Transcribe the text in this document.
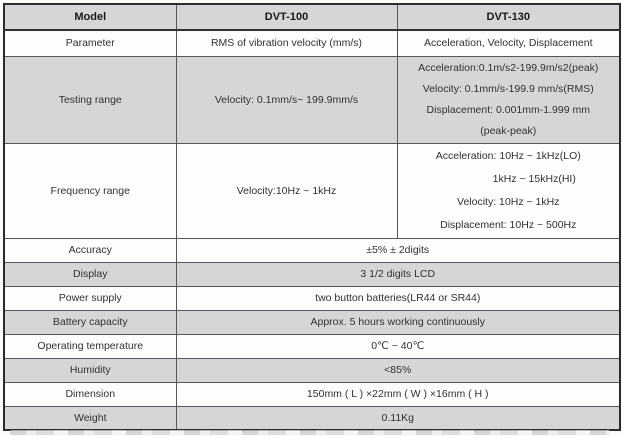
Model	DVT-100	DVT-130
Parameter	RMS of vibration velocity (mm/s)	Acceleration, Velocity, Displacement
Testing range	Velocity: 0.1mm/s~ 199.9mm/s	Acceleration:0.1m/s2-199.9m/s2(peak)
Velocity: 0.1mm/s-199.9 mm/s(RMS)
Displacement: 0.001mm-1.999 mm
(peak-peak)

Frequency range	Velocity:10Hz ~ 1kHz	Acceleration: 10Hz ~ 1kHz(LO)
1kHz ~ 15kHz(HI)
Velocity: 10Hz ~ 1kHz
Displacement: 10Hz ~ 500Hz

Accuracy	±5% ± 2digits	
Display	3 1/2 digits LCD	
Power supply	two button batteries(LR44 or SR44)	
Battery capacity	Approx. 5 hours working continuously	
Operating temperature	0℃ ~ 40℃	
Humidity	<85%	
Dimension	150mm ( L ) ×22mm ( W ) ×16mm ( H )	
Weight	0.11Kg	
